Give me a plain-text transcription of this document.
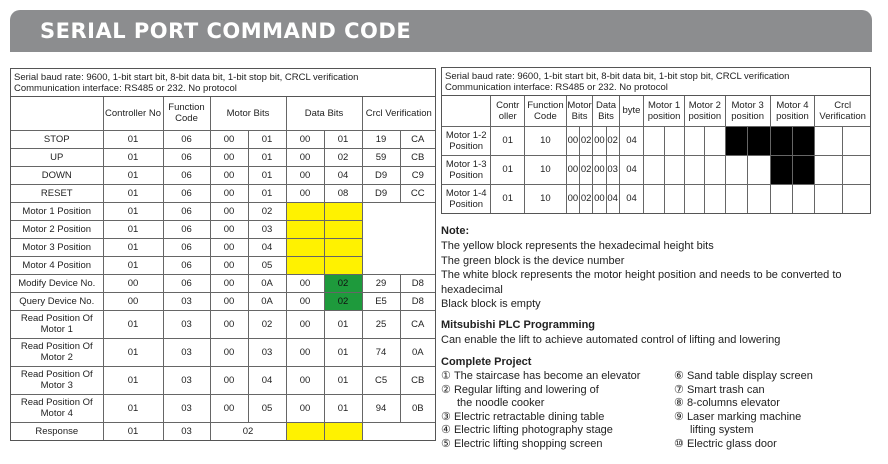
SERIAL PORT COMMAND CODE
Serial baud rate: 9600, 1-bit start bit, 8-bit data bit, 1-bit stop bit, CRCL verification
Communication interface: RS485 or 232. No protocol
	Controller No	Function Code	Motor Bits		Data Bits		Crcl Verification	
STOP	01	06	00	01	00	01	19	CA
UP	01	06	00	01	00	02	59	CB
DOWN	01	06	00	01	00	04	D9	C9
RESET	01	06	00	01	00	08	D9	CC
Motor 1 Position	01	06	00	02				
Motor 2 Position	01	06	00	03				
Motor 3 Position	01	06	00	04				
Motor 4 Position	01	06	00	05				
Modify Device No.	00	06	00	0A	00	02	29	D8
Query Device No.	00	03	00	0A	00	02	E5	D8
Read Position Of Motor 1	01	03	00	02	00	01	25	CA
Read Position Of Motor 2	01	03	00	03	00	01	74	0A
Read Position Of Motor 3	01	03	00	04	00	01	C5	CB
Read Position Of Motor 4	01	03	00	05	00	01	94	0B
Response	01	03	02					
Serial baud rate: 9600, 1-bit start bit, 8-bit data bit, 1-bit stop bit, CRCL verification
Communication interface: RS485 or 232. No protocol
	Contr oller	Function Code	Motor Bits		Data Bits		byte	Motor 1 position		Motor 2 position		Motor 3 position		Motor 4 position		Crcl Verification	
Motor 1-2 Position	01	10	00	02	00	02	04										
Motor 1-3 Position	01	10	00	02	00	03	04										
Motor 1-4 Position	01	10	00	02	00	04	04										
Note:

The yellow block represents the hexadecimal height bits

The green block is the device number

The white block represents the motor height position and needs to be converted to

hexadecimal

Black block is empty

Mitsubishi PLC Programming

Can enable the lift to achieve automated control of lifting and lowering

Complete Project
① The staircase has become an elevator
② Regular lifting and lowering of
the noodle cooker
③ Electric retractable dining table
④ Electric lifting photography stage
⑤ Electric lifting shopping screen
⑥ Sand table display screen
⑦ Smart trash can
⑧ 8-columns elevator
⑨ Laser marking machine
lifting system
⑩ Electric glass door
